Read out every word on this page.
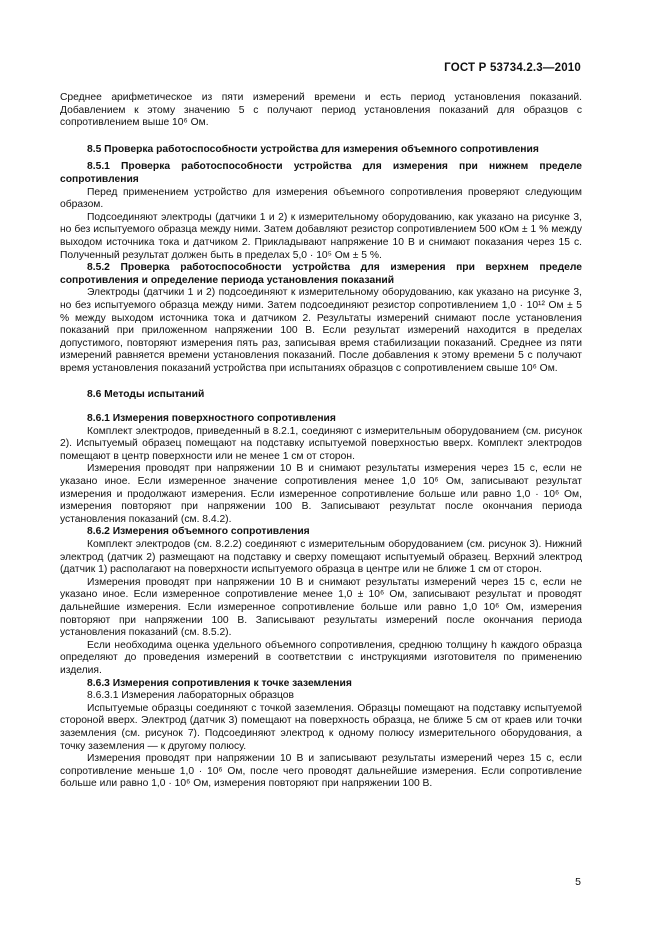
ГОСТ Р 53734.2.3—2010

Среднее арифметическое из пяти измерений времени и есть период установления показаний. Добавлением к этому значению 5 с получают период установления показаний для образцов с сопротивлением выше 10⁶ Ом.

8.5 Проверка работоспособности устройства для измерения объемного сопротивления

8.5.1 Проверка работоспособности устройства для измерения при нижнем пределе сопротивления

Перед применением устройство для измерения объемного сопротивления проверяют следующим образом.

Подсоединяют электроды (датчики 1 и 2) к измерительному оборудованию, как указано на рисунке 3, но без испытуемого образца между ними. Затем добавляют резистор сопротивлением 500 кОм ± 1 % между выходом источника тока и датчиком 2. Прикладывают напряжение 10 В и снимают показания через 15 с. Полученный результат должен быть в пределах 5,0 · 10⁵ Ом ± 5 %.

8.5.2 Проверка работоспособности устройства для измерения при верхнем пределе сопротивления и определение периода установления показаний

Электроды (датчики 1 и 2) подсоединяют к измерительному оборудованию, как указано на рисунке 3, но без испытуемого образца между ними. Затем подсоединяют резистор сопротивлением 1,0 · 10¹² Ом ± 5 % между выходом источника тока и датчиком 2. Результаты измерений снимают после установления показаний при приложенном напряжении 100 В. Если результат измерений находится в пределах допустимого, повторяют измерения пять раз, записывая время стабилизации показаний. Среднее из пяти измерений равняется времени установления показаний. После добавления к этому времени 5 с получают время установления показаний устройства при испытаниях образцов с сопротивлением свыше 10⁶ Ом.

8.6 Методы испытаний

8.6.1 Измерения поверхностного сопротивления

Комплект электродов, приведенный в 8.2.1, соединяют с измерительным оборудованием (см. рисунок 2). Испытуемый образец помещают на подставку испытуемой поверхностью вверх. Комплект электродов помещают в центр поверхности или не менее 1 см от сторон.

Измерения проводят при напряжении 10 В и снимают результаты измерения через 15 с, если не указано иное. Если измеренное значение сопротивления менее 1,0 10⁶ Ом, записывают результат измерения и продолжают измерения. Если измеренное сопротивление больше или равно 1,0 · 10⁶ Ом, измерения повторяют при напряжении 100 В. Записывают результат после окончания периода установления показаний (см. 8.4.2).

8.6.2 Измерения объемного сопротивления

Комплект электродов (см. 8.2.2) соединяют с измерительным оборудованием (см. рисунок 3). Нижний электрод (датчик 2) размещают на подставку и сверху помещают испытуемый образец. Верхний электрод (датчик 1) располагают на поверхности испытуемого образца в центре или не ближе 1 см от сторон.

Измерения проводят при напряжении 10 В и снимают результаты измерений через 15 с, если не указано иное. Если измеренное сопротивление менее 1,0 ± 10⁶ Ом, записывают результат и проводят дальнейшие измерения. Если измеренное сопротивление больше или равно 1,0 10⁶ Ом, измерения повторяют при напряжении 100 В. Записывают результаты измерений после окончания периода установления показаний (см. 8.5.2).

Если необходима оценка удельного объемного сопротивления, среднюю толщину h каждого образца определяют до проведения измерений в соответствии с инструкциями изготовителя по применению изделия.

8.6.3 Измерения сопротивления к точке заземления

8.6.3.1 Измерения лабораторных образцов

Испытуемые образцы соединяют с точкой заземления. Образцы помещают на подставку испытуемой стороной вверх. Электрод (датчик 3) помещают на поверхность образца, не ближе 5 см от краев или точки заземления (см. рисунок 7). Подсоединяют электрод к одному полюсу измерительного оборудования, а точку заземления — к другому полюсу.

Измерения проводят при напряжении 10 В и записывают результаты измерений через 15 с, если сопротивление меньше 1,0 · 10⁶ Ом, после чего проводят дальнейшие измерения. Если сопротивление больше или равно 1,0 · 10⁶ Ом, измерения повторяют при напряжении 100 В.

5
